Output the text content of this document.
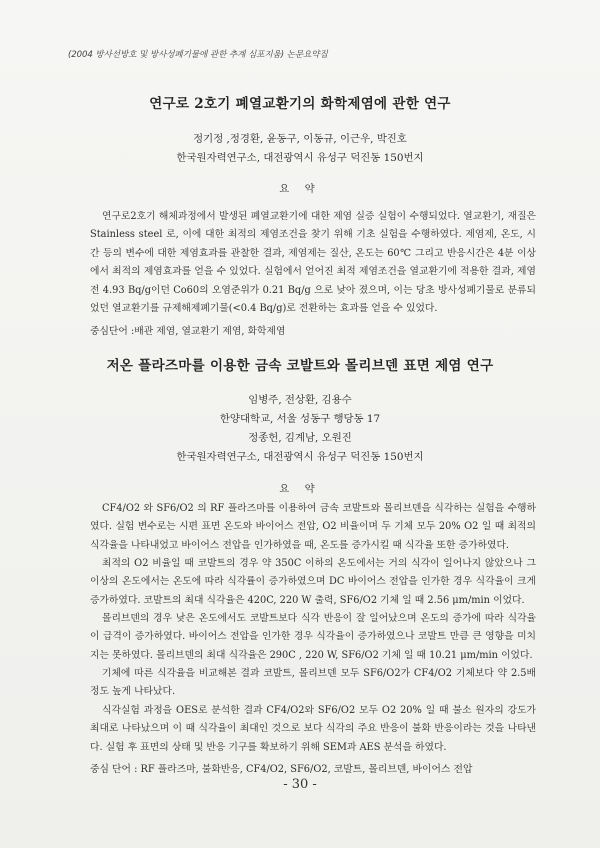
(2004 방사선방호 및 방사성폐기물에 관한 추계 심포지움) 논문요약집
연구로 2호기 폐열교환기의 화학제염에 관한 연구
정기정 ,정경환, 윤동구, 이동규, 이근우, 박진호
한국원자력연구소, 대전광역시 유성구 덕진동 150번지
요 약

연구로2호기 해체과정에서 발생된 폐열교환기에 대한 제염 실증 실험이 수행되었다. 열교환기, 재질은 Stainless steel 로, 이에 대한 최적의 제염조건을 찾기 위해 기초 실험을 수행하였다. 제염제, 온도, 시간 등의 변수에 대한 제염효과를 관찰한 결과, 제염제는 질산, 온도는 60℃ 그리고 반응시간은 4분 이상에서 최적의 제염효과를 얻을 수 있었다. 실험에서 얻어진 최적 제염조건을 열교환기에 적용한 결과, 제염 전 4.93 Bq/g이던 Co60의 오염준위가 0.21 Bq/g 으로 낮아 졌으며, 이는 당초 방사성폐기물로 분류되었던 열교환기를 규제해제폐기물(<0.4 Bq/g)로 전환하는 효과를 얻을 수 있었다.

중심단어 :배관 제염, 열교환기 제염, 화학제염
저온 플라즈마를 이용한 금속 코발트와 몰리브덴 표면 제염 연구
임병주, 전상환, 김용수
한양대학교, 서울 성동구 행당동 17
정종헌, 김계남, 오원진
한국원자력연구소, 대전광역시 유성구 덕진동 150번지
요 약

CF4/O2 와 SF6/O2 의 RF 플라즈마를 이용하여 금속 코발트와 몰리브덴을 식각하는 실험을 수행하였다. 실험 변수로는 시편 표면 온도와 바이어스 전압, O2 비율이며 두 기체 모두 20% O2 일 때 최적의 식각율을 나타내었고 바이어스 전압을 인가하였을 때, 온도를 증가시킬 때 식각율 또한 증가하였다.

최적의 O2 비율일 때 코발트의 경우 약 350C 이하의 온도에서는 거의 식각이 일어나지 않았으나 그 이상의 온도에서는 온도에 따라 식각률이 증가하였으며 DC 바이어스 전압을 인가한 경우 식각율이 크게 증가하였다. 코발트의 최대 식각율은 420C, 220 W 출력, SF6/O2 기체 일 때 2.56 μm/min 이었다.

몰리브덴의 경우 낮은 온도에서도 코발트보다 식각 반응이 잘 일어났으며 온도의 증가에 따라 식각율이 급격이 증가하였다. 바이어스 전압을 인가한 경우 식각율이 증가하였으나 코발트 만큼 큰 영향을 미치지는 못하였다. 몰리브덴의 최대 식각율은 290C , 220 W, SF6/O2 기체 일 때 10.21 μm/min 이었다.

기체에 따른 식각율을 비교해본 결과 코발트, 몰리브덴 모두 SF6/O2가 CF4/O2 기체보다 약 2.5배 정도 높게 나타났다.

식각실험 과정을 OES로 분석한 결과 CF4/O2와 SF6/O2 모두 O2 20% 일 때 불소 원자의 강도가 최대로 나타났으며 이 때 식각율이 최대인 것으로 보다 식각의 주요 반응이 불화 반응이라는 것을 나타낸다. 실험 후 표면의 상태 및 반응 기구를 확보하기 위해 SEM과 AES 분석을 하였다.

중심 단어 : RF 플라즈마, 불화반응, CF4/O2, SF6/O2, 코발트, 몰리브덴, 바이어스 전압
- 30 -
